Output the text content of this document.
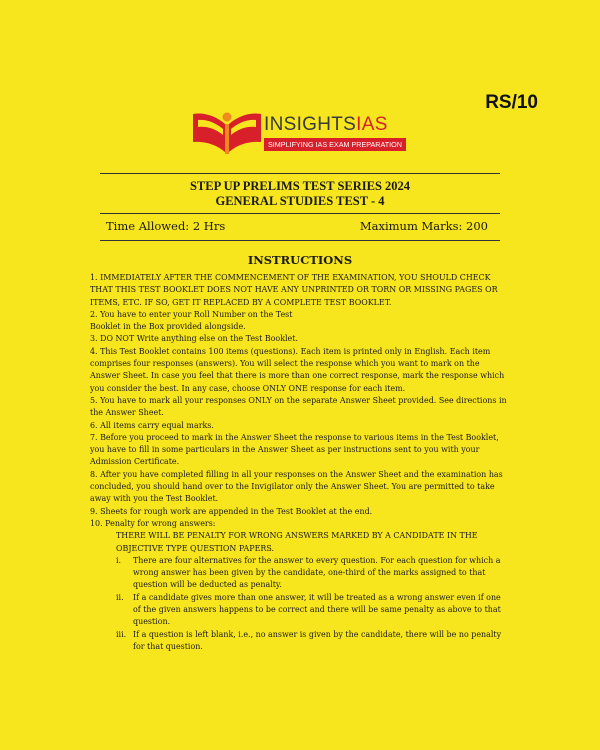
RS/10
INSIGHTSIAS
SIMPLIFYING IAS EXAM PREPARATION
STEP UP PRELIMS TEST SERIES 2024
GENERAL STUDIES TEST - 4
Time Allowed: 2 Hrs	Maximum Marks: 200
INSTRUCTIONS

1. IMMEDIATELY AFTER THE COMMENCEMENT OF THE EXAMINATION, YOU SHOULD CHECK THAT THIS TEST BOOKLET DOES NOT HAVE ANY UNPRINTED OR TORN OR MISSING PAGES OR ITEMS, ETC. IF SO, GET IT REPLACED BY A COMPLETE TEST BOOKLET.

2. You have to enter your Roll Number on the Test

Booklet in the Box provided alongside.

3. DO NOT Write anything else on the Test Booklet.

4. This Test Booklet contains 100 items (questions). Each item is printed only in English. Each item comprises four responses (answers). You will select the response which you want to mark on the Answer Sheet. In case you feel that there is more than one correct response, mark the response which you consider the best. In any case, choose ONLY ONE response for each item.

5. You have to mark all your responses ONLY on the separate Answer Sheet provided. See directions in the Answer Sheet.

6. All items carry equal marks.

7. Before you proceed to mark in the Answer Sheet the response to various items in the Test Booklet, you have to fill in some particulars in the Answer Sheet as per instructions sent to you with your Admission Certificate.

8. After you have completed filling in all your responses on the Answer Sheet and the examination has concluded, you should hand over to the Invigilator only the Answer Sheet. You are permitted to take away with you the Test Booklet.

9. Sheets for rough work are appended in the Test Booklet at the end.

10. Penalty for wrong answers:

THERE WILL BE PENALTY FOR WRONG ANSWERS MARKED BY A CANDIDATE IN THE OBJECTIVE TYPE QUESTION PAPERS.

i.	There are four alternatives for the answer to every question. For each question for which a wrong answer has been given by the candidate, one-third of the marks assigned to that question will be deducted as penalty.
ii.	If a candidate gives more than one answer, it will be treated as a wrong answer even if one of the given answers happens to be correct and there will be same penalty as above to that question.
iii. If a question is left blank, i.e., no answer is given by the candidate, there will be no penalty for that question.
